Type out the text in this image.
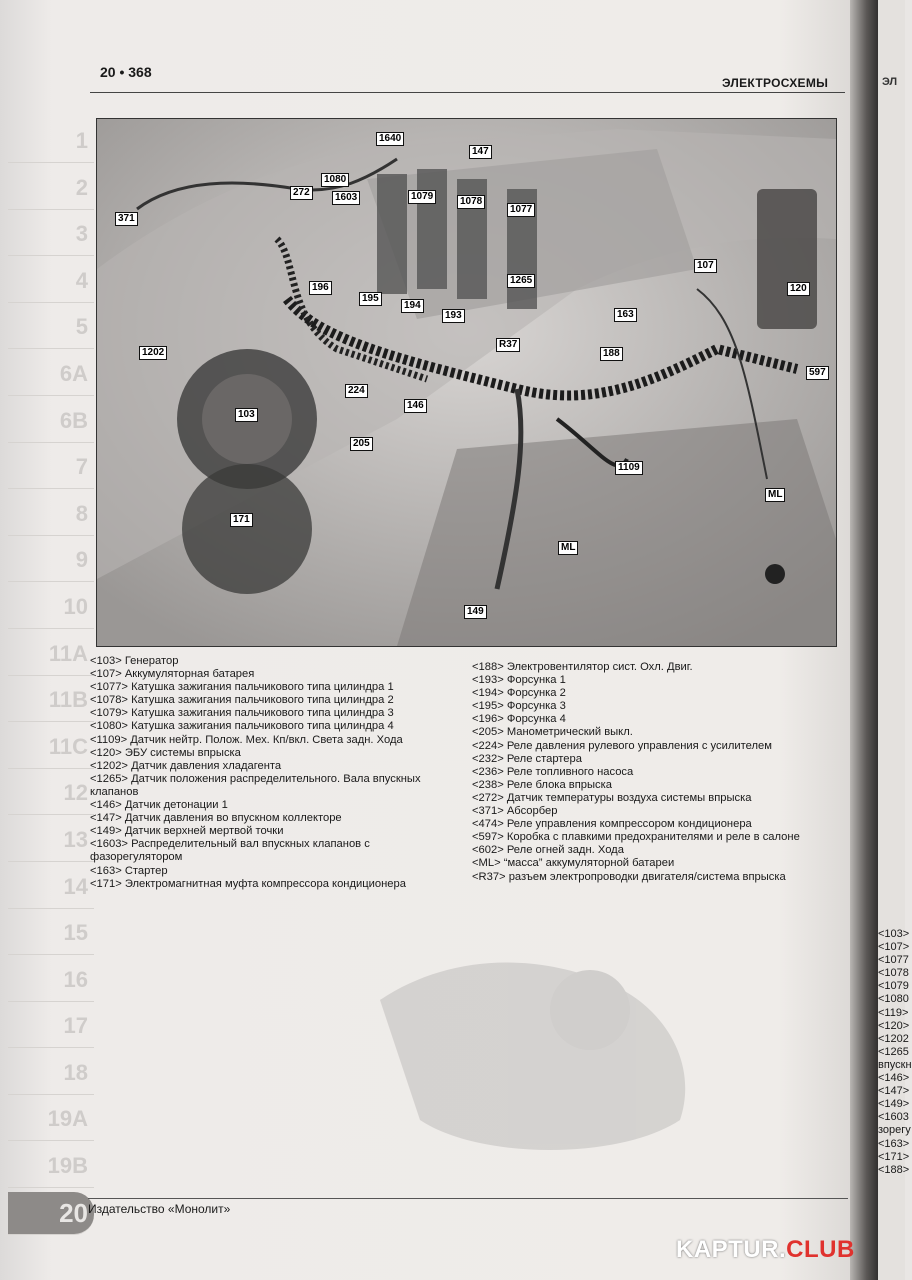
20 • 368
ЭЛЕКТРОСХЕМЫ
1
2
3
4
5
6А
6В
7
8
9
10
11А
11В
11С
12
13
14
15
16
17
18
19А
19В
20
1640
147
1080
272	1603	1079	1078
1077
371
107
120
1265
196
195
194
193	163
R37
188
597
1202
224
146
103
205
1109
ML
171
ML
149
<103> Генератор
<107> Аккумуляторная батарея
<1077> Катушка зажигания пальчикового типа цилиндра 1
<1078> Катушка зажигания пальчикового типа цилиндра 2
<1079> Катушка зажигания пальчикового типа цилиндра 3
<1080> Катушка зажигания пальчикового типа цилиндра 4
<1109> Датчик нейтр. Полож. Мех. Кп/вкл. Света задн. Хода
<120> ЭБУ системы впрыска
<1202> Датчик давления хладагента
<1265> Датчик положения распределительного. Вала впускных клапанов
<146> Датчик детонации 1
<147> Датчик давления во впускном коллекторе
<149> Датчик верхней мертвой точки
<1603> Распределительный вал впускных клапанов с фазорегулятором
<163> Стартер
<171> Электромагнитная муфта компрессора кондиционера
<188> Электровентилятор сист. Охл. Двиг.
<193> Форсунка 1
<194> Форсунка 2
<195> Форсунка 3
<196> Форсунка 4
<205> Манометрический выкл.
<224> Реле давления рулевого управления с усилителем
<232> Реле стартера
<236> Реле топливного насоса
<238> Реле блока впрыска
<272> Датчик температуры воздуха системы впрыска
<371> Абсорбер
<474> Реле управления компрессором кондиционера
<597> Коробка с плавкими предохранителями и реле в салоне
<602> Реле огней задн. Хода
<ML> “масса” аккумуляторной батареи
<R37> разъем электропроводки двигателя/система впрыска
Издательство «Монолит»
ЭЛ
<103>
<107>
<1077
<1078
<1079
<1080
<119>
<120>
<1202
<1265
впускн
<146>
<147>
<149>
<1603
зорегу
<163>
<171>
<188>
KAPTUR.CLUB
